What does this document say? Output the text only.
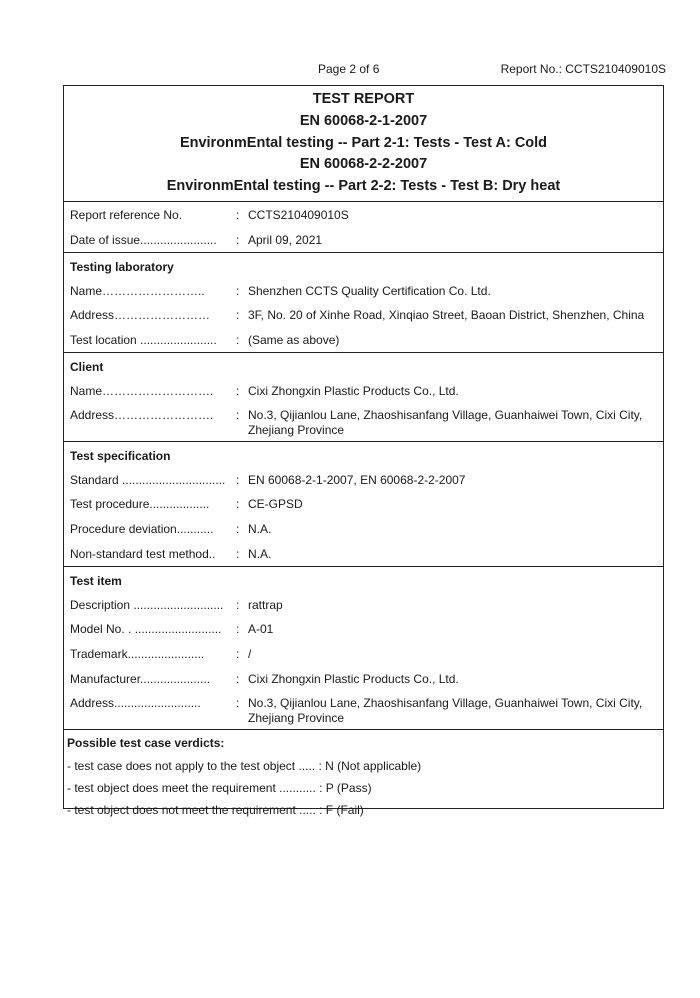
Page 2 of 6	Report No.: CCTS210409010S
TEST REPORT
EN 60068-2-1-2007
EnvironmEntal testing -- Part 2-1: Tests - Test A: Cold
EN 60068-2-2-2007
EnvironmEntal testing -- Part 2-2: Tests - Test B: Dry heat
Report reference No.	: CCTS210409010S
Date of issue....................... : April 09, 2021
Testing laboratory
Name……………………..	: Shenzhen CCTS Quality Certification Co. Ltd.
Address…………………… : 3F, No. 20 of Xinhe Road, Xinqiao Street, Baoan District, Shenzhen, China
Test location ....................... : (Same as above)
Client
Name………………………. : Cixi Zhongxin Plastic Products Co., Ltd.
Address……………………. : No.3, Qijianlou Lane, Zhaoshisanfang Village, Guanhaiwei Town, Cixi City, Zhejiang Province
Test specification
Standard ............................... : EN 60068-2-1-2007, EN 60068-2-2-2007
Test procedure.................. : CE-GPSD
Procedure deviation........... : N.A.
Non-standard test method.. : N.A.
Test item
Description ........................... : rattrap
Model No. . .......................... : A-01
Trademark.......................	: /
Manufacturer..................... : Cixi Zhongxin Plastic Products Co., Ltd.
Address..........................	: No.3, Qijianlou Lane, Zhaoshisanfang Village, Guanhaiwei Town, Cixi City, Zhejiang Province
Possible test case verdicts:
- test case does not apply to the test object ..... : N (Not applicable)
- test object does meet the requirement ........... : P (Pass)
- test object does not meet the requirement ..... : F (Fail)
